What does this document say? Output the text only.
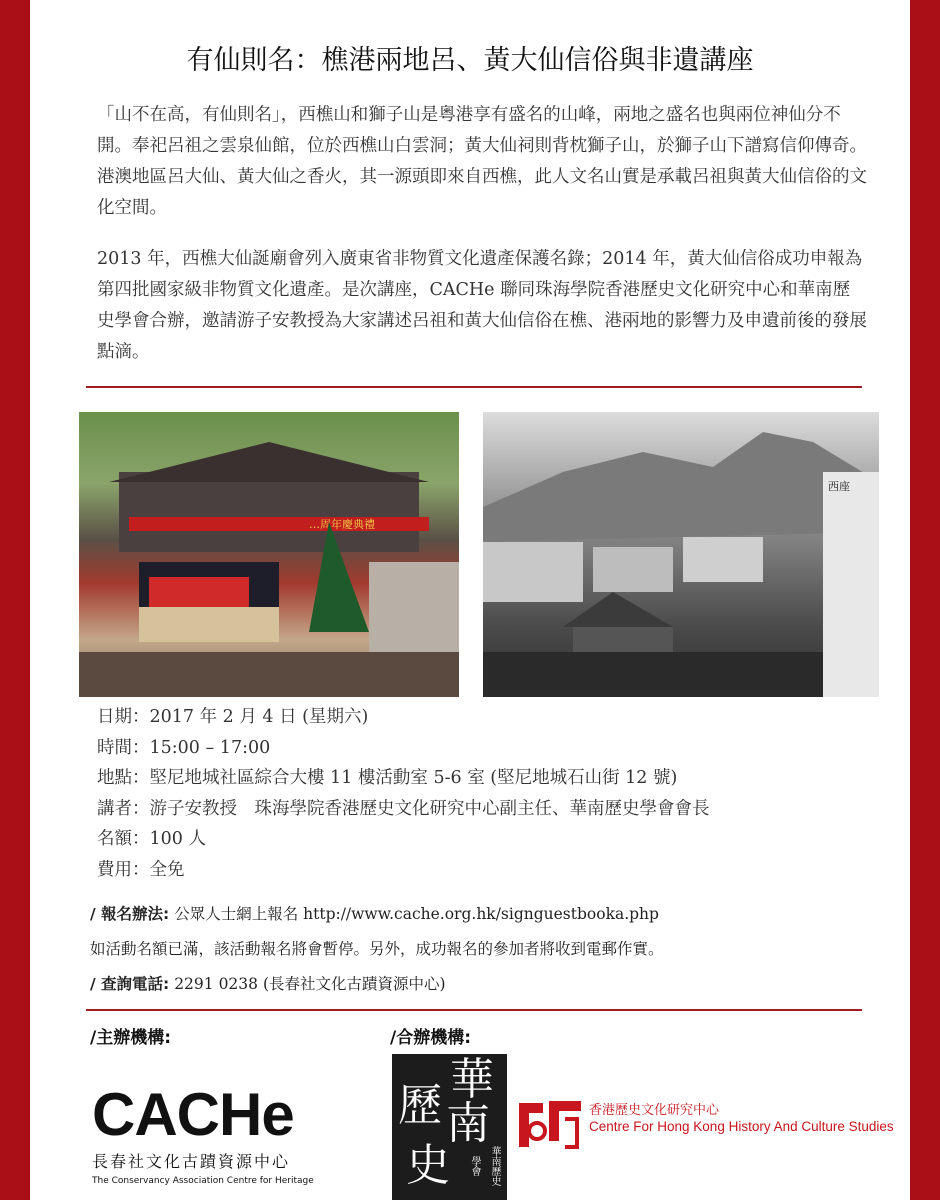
有仙則名：樵港兩地呂、黃大仙信俗與非遺講座
「山不在高，有仙則名」，西樵山和獅子山是粵港享有盛名的山峰，兩地之盛名也與兩位神仙分不開。奉祀呂祖之雲泉仙館，位於西樵山白雲洞；黃大仙祠則背枕獅子山，於獅子山下譜寫信仰傳奇。港澳地區呂大仙、黃大仙之香火，其一源頭即來自西樵，此人文名山實是承載呂祖與黃大仙信俗的文化空間。
2013 年，西樵大仙誕廟會列入廣東省非物質文化遺產保護名錄；2014 年，黃大仙信俗成功申報為第四批國家級非物質文化遺產。是次講座，CACHe 聯同珠海學院香港歷史文化研究中心和華南歷史學會合辦，邀請游子安教授為大家講述呂祖和黃大仙信俗在樵、港兩地的影響力及申遺前後的發展點滴。
…周年慶典禮
西座
日期：2017 年 2 月 4 日 (星期六)
時間：15:00 – 17:00
地點：堅尼地城社區綜合大樓 11 樓活動室 5-6 室 (堅尼地城石山街 12 號)
講者：游子安教授　珠海學院香港歷史文化研究中心副主任、華南歷史學會會長
名額：100 人
費用：全免
/ 報名辦法: 公眾人士網上報名 http://www.cache.org.hk/signguestbooka.php
如活動名額已滿，該活動報名將會暫停。另外，成功報名的參加者將收到電郵作實。
/ 查詢電話: 2291 0238 (長春社文化古蹟資源中心)
/主辦機構:	/合辦機構:
CACHe
長春社文化古蹟資源中心
The Conservancy Association Centre for Heritage
華
南
歷
史 學會 華南歷史
香港歷史文化研究中心
Centre For Hong Kong History And Culture Studies
